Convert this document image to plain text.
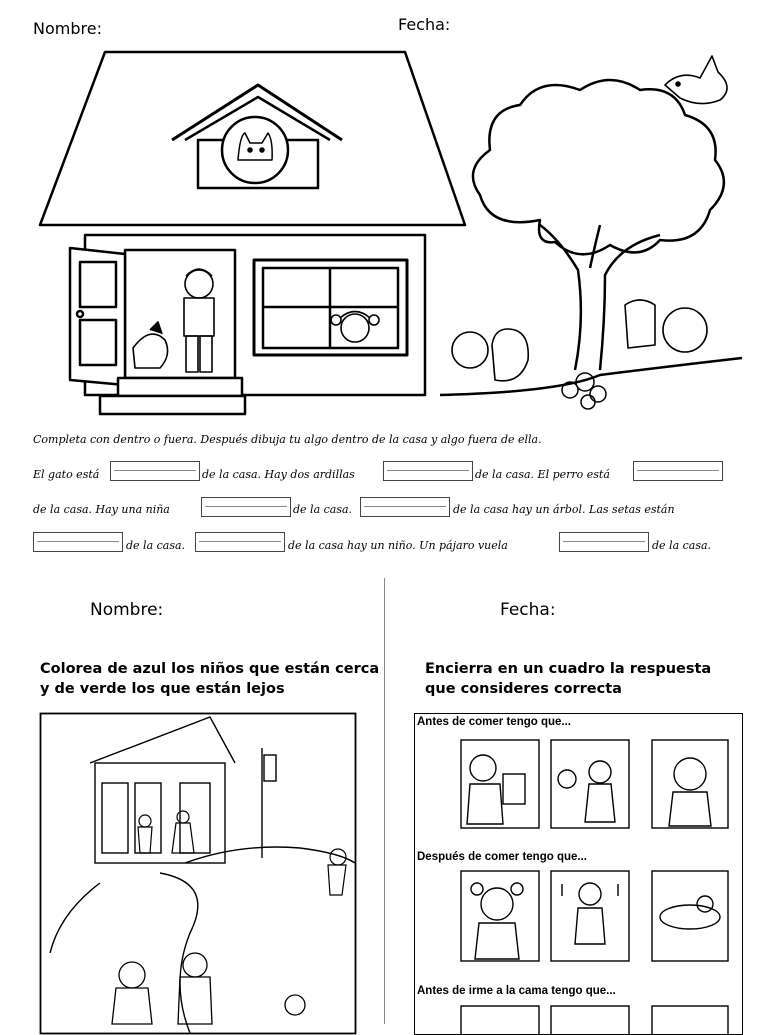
Nombre:	Fecha:
Completa con dentro o fuera. Después dibuja tu algo dentro de la casa y algo fuera de ella.
El gato está	de la casa. Hay dos ardillas	de la casa. El perro está
de la casa. Hay una niña	de la casa.	de la casa hay un árbol. Las setas están
de la casa.	de la casa hay un niño. Un pájaro vuela	de la casa.
Nombre:
Colorea de azul los niños que están cerca
y de verde los que están lejos
Fecha:
Encierra en un cuadro la respuesta
que consideres correcta
Antes de comer tengo que...
Después de comer tengo que...
Antes de irme a la cama tengo que...
